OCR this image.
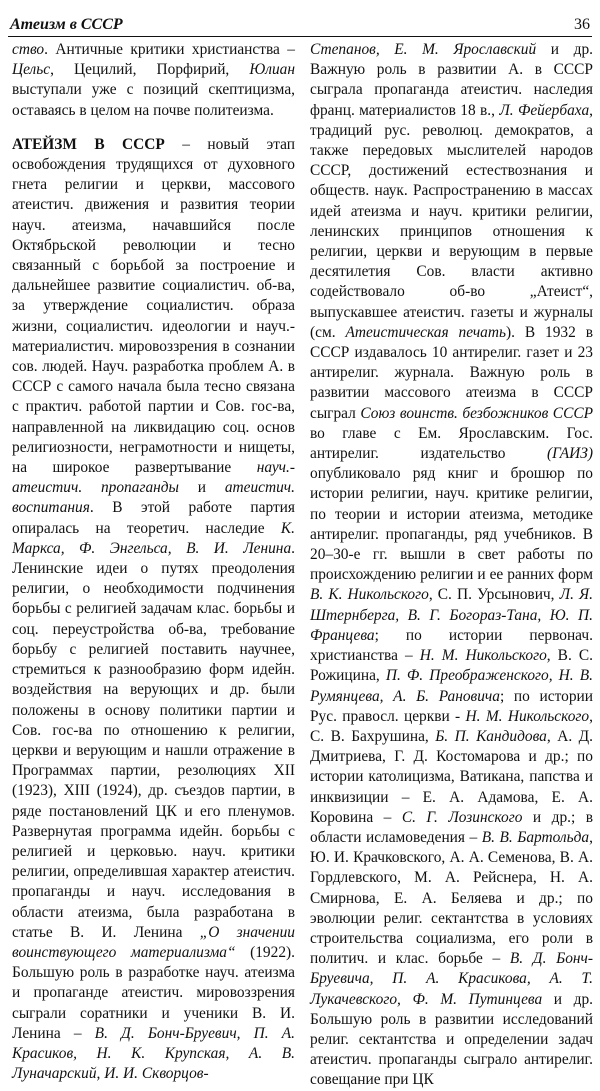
Атеизм в СССР	36

ство. Античные критики христианства – Цельс, Цецилий, Порфирий, Юлиан выступали уже с позиций скептицизма, оставаясь в целом на почве политеизма.

АТЕЙЗМ В СССР – новый этап освобождения трудящихся от духовного гнета религии и церкви, массового атеистич. движения и развития теории науч. атеизма, начавшийся после Октябрьской революции и тесно связанный с борьбой за построение и дальнейшее развитие социалистич. об-ва, за утверждение социалистич. образа жизни, социалистич. идеологии и науч.-материалистич. мировоззрения в сознании сов. людей. Науч. разработка проблем А. в СССР с самого начала была тесно связана с практич. работой партии и Сов. гос-ва, направленной на ликвидацию соц. основ религиозности, неграмотности и нищеты, на широкое развертывание науч.-атеистич. пропаганды и атеистич. воспитания. В этой работе партия опиралась на теоретич. наследие К. Маркса, Ф. Энгельса, В. И. Ленина. Ленинские идеи о путях преодоления религии, о необходимости подчинения борьбы с религией задачам клас. борьбы и соц. переустройства об-ва, требование борьбу с религией поставить научнее, стремиться к разнообразию форм идейн. воздействия на верующих и др. были положены в основу политики партии и Сов. гос-ва по отношению к религии, церкви и верующим и нашли отражение в Программах партии, резолюциях XII (1923), XIII (1924), др. съездов партии, в ряде постановлений ЦК и его пленумов. Развернутая программа идейн. борьбы с религией и церковью. науч. критики религии, определившая характер атеистич. пропаганды и науч. исследования в области атеизма, была разработана в статье В. И. Ленина „О значении воинствующего материализма“ (1922). Большую роль в разработке науч. атеизма и пропаганде атеистич. мировоззрения сыграли соратники и ученики В. И. Ленина – В. Д. Бонч-Бруевич, П. А. Красиков, Н. К. Крупская, А. В. Луначарский, И. И. Скворцов-

Степанов, Е. М. Ярославский и др. Важную роль в развитии А. в СССР сыграла пропаганда атеистич. наследия франц. материалистов 18 в., Л. Фейербаха, традиций рус. революц. демократов, а также передовых мыслителей народов СССР, достижений естествознания и обществ. наук. Распространению в массах идей атеизма и науч. критики религии, ленинских принципов отношения к религии, церкви и верующим в первые десятилетия Сов. власти активно содействовало об-во „Атеист“, выпускавшее атеистич. газеты и журналы (см. Атеистическая печать). В 1932 в СССР издавалось 10 антирелиг. газет и 23 антирелиг. журнала. Важную роль в развитии массового атеизма в СССР сыграл Союз воинств. безбожников СССР во главе с Ем. Ярославским. Гос. антирелиг. издательство (ГАИЗ) опубликовало ряд книг и брошюр по истории религии, науч. критике религии, по теории и истории атеизма, методике антирелиг. пропаганды, ряд учебников. В 20–30-е гг. вышли в свет работы по происхождению религии и ее ранних форм В. К. Никольского, С. П. Урсынович, Л. Я. Штернберга, В. Г. Богораз-Тана, Ю. П. Францева; по истории первонач. христианства – Н. М. Никольского, В. С. Рожицина, П. Ф. Преображенского, Н. В. Румянцева, А. Б. Рановича; по истории Рус. правосл. церкви - Н. М. Никольского, С. В. Бахрушина, Б. П. Кандидова, А. Д. Дмитриева, Г. Д. Костомарова и др.; по истории католицизма, Ватикана, папства и инквизиции – Е. А. Адамова, Е. А. Коровина – С. Г. Лозинского и др.; в области исламоведения – В. В. Бартольда, Ю. И. Крачковского, А. А. Семенова, В. А. Гордлевского, М. А. Рейснера, Н. А. Смирнова, Е. А. Беляева и др.; по эволюции религ. сектантства в условиях строительства социализма, его роли в политич. и клас. борьбе – В. Д. Бонч-Бруевича, П. А. Красикова, А. Т. Лукачевского, Ф. М. Путинцева и др. Большую роль в развитии исследований религ. сектантства и определении задач атеистич. пропаганды сыграло антирелиг. совещание при ЦК
